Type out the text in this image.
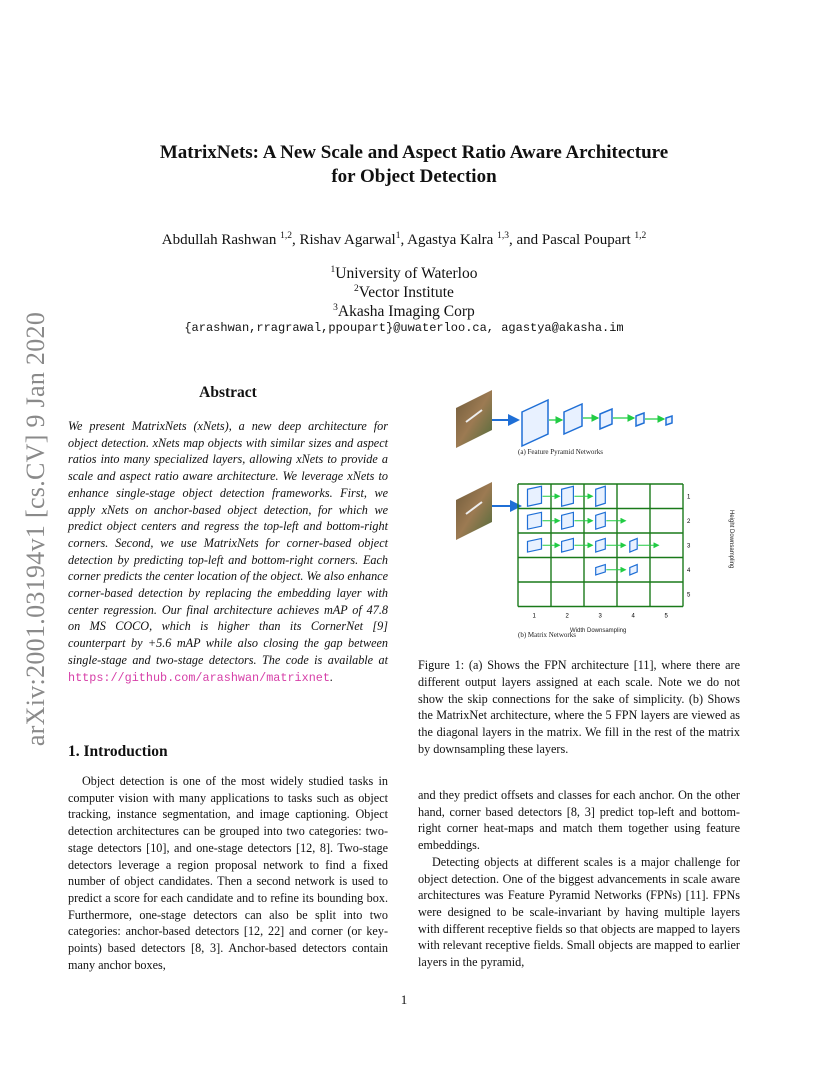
arXiv:2001.03194v1 [cs.CV] 9 Jan 2020
MatrixNets: A New Scale and Aspect Ratio Aware Architecture
for Object Detection
Abdullah Rashwan $^{1,2}$, Rishav Agarwal$^1$, Agastya Kalra $^{1,3}$, and Pascal Poupart $^{1,2}$
$^1$University of Waterloo
$^2$Vector Institute
$^3$Akasha Imaging Corp
{arashwan,rragrawal,ppoupart}@uwaterloo.ca, agastya@akasha.im
Abstract
We present MatrixNets (xNets), a new deep architecture for object detection. xNets map objects with similar sizes and aspect ratios into many specialized layers, allowing xNets to provide a scale and aspect ratio aware architecture. We leverage xNets to enhance single-stage object detection frameworks. First, we apply xNets on anchor-based object detection, for which we predict object centers and regress the top-left and bottom-right corners. Second, we use MatrixNets for corner-based object detection by predicting top-left and bottom-right corners. Each corner predicts the center location of the object. We also enhance corner-based detection by replacing the embedding layer with center regression. Our final architecture achieves mAP of 47.8 on MS COCO, which is higher than its CornerNet [9] counterpart by +5.6 mAP while also closing the gap between single-stage and two-stage detectors. The code is available at https://github.com/arashwan/matrixnet.
1. Introduction

Object detection is one of the most widely studied tasks in computer vision with many applications to tasks such as object tracking, instance segmentation, and image captioning. Object detection architectures can be grouped into two categories: two-stage detectors [10], and one-stage detectors [12, 8]. Two-stage detectors leverage a region proposal network to find a fixed number of object candidates. Then a second network is used to predict a score for each candidate and to refine its bounding box. Furthermore, one-stage detectors can also be split into two categories: anchor-based detectors [12, 22] and corner (or key-points) based detectors [8, 3]. Anchor-based detectors contain many anchor boxes,

and they predict offsets and classes for each anchor. On the other hand, corner based detectors [8, 3] predict top-left and bottom-right corner heat-maps and match them together using feature embeddings.

Detecting objects at different scales is a major challenge for object detection. One of the biggest advancements in scale aware architectures was Feature Pyramid Networks (FPNs) [11]. FPNs were designed to be scale-invariant by having multiple layers with different receptive fields so that objects are mapped to layers with relevant receptive fields. Small objects are mapped to earlier layers in the pyramid,

(a) Feature Pyramid Networks
1	2	3	4	5
1
2
3
4
5
Height Downsampling
Width Downsampling
(b) Matrix Networks
Figure 1: (a) Shows the FPN architecture [11], where there are different output layers assigned at each scale. Note we do not show the skip connections for the sake of simplicity. (b) Shows the MatrixNet architecture, where the 5 FPN layers are viewed as the diagonal layers in the matrix. We fill in the rest of the matrix by downsampling these layers.
1
